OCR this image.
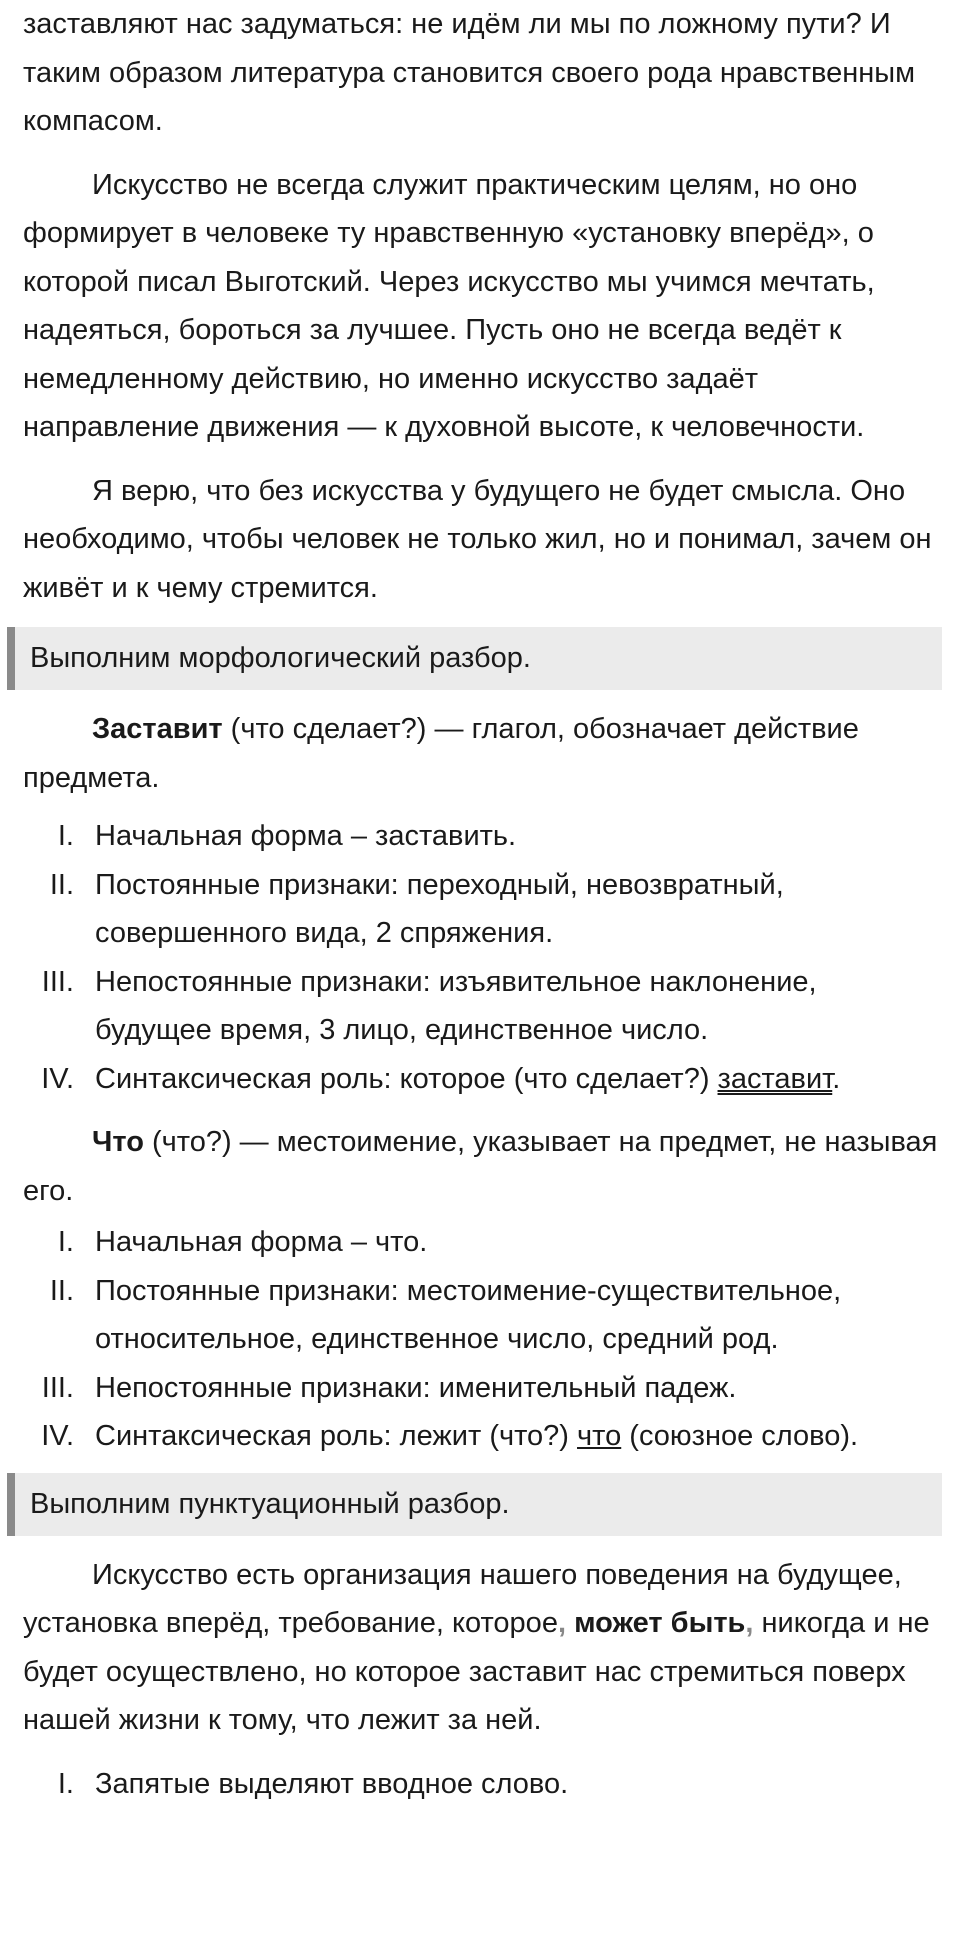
заставляют нас задуматься: не идём ли мы по ложному пути? И таким образом литература становится своего рода нравственным компасом.

Искусство не всегда служит практическим целям, но оно формирует в человеке ту нравственную «установку вперёд», о которой писал Выготский. Через искусство мы учимся мечтать, надеяться, бороться за лучшее. Пусть оно не всегда ведёт к немедленному действию, но именно искусство задаёт направление движения — к духовной высоте, к человечности.

Я верю, что без искусства у будущего не будет смысла. Оно необходимо, чтобы человек не только жил, но и понимал, зачем он живёт и к чему стремится.

Выполним морфологический разбор.

Заставит (что сделает?) — глагол, обозначает действие предмета.

I. Начальная форма – заставить.
II. Постоянные признаки: переходный, невозвратный, совершенного вида, 2 спряжения.
III. Непостоянные признаки: изъявительное наклонение, будущее время, 3 лицо, единственное число.
IV. Синтаксическая роль: которое (что сделает?) заставит.

Что (что?) — местоимение, указывает на предмет, не называя его.

I. Начальная форма – что.
II. Постоянные признаки: местоимение-существительное, относительное, единственное число, средний род.
III. Непостоянные признаки: именительный падеж.
IV. Синтаксическая роль: лежит (что?) что (союзное слово).
Выполним пунктуационный разбор.

Искусство есть организация нашего поведения на будущее, установка вперёд, требование, которое, может быть, никогда и не будет осуществлено, но которое заставит нас стремиться поверх нашей жизни к тому, что лежит за ней.

I. Запятые выделяют вводное слово.
